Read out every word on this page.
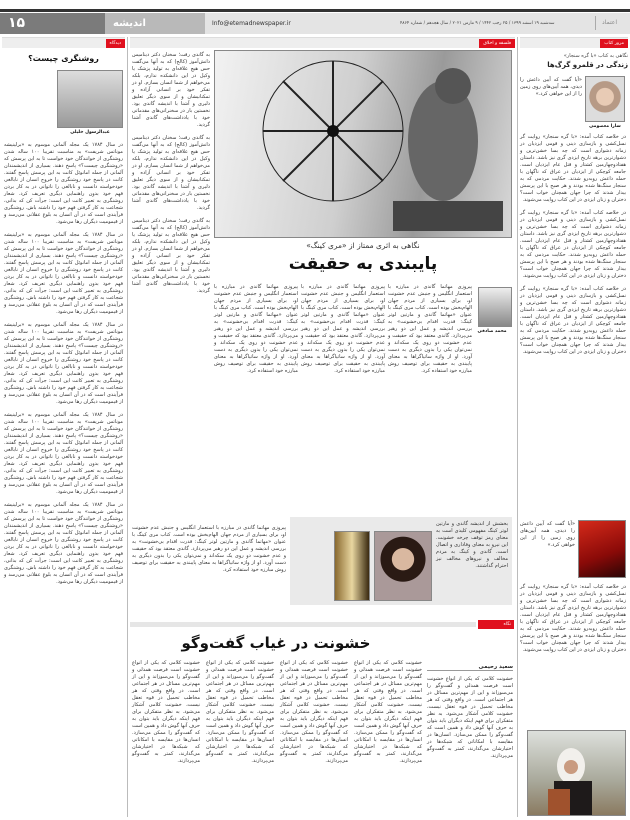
۱۵	اندیشه	Info@etemadnewspaper.ir	سه‌شنبه ۱۹ اسفند ۱۳۹۹ / ۲۵ رجب ۱۴۴۲ / ۹ مارس ۲۰۲۱ / سال هجدهم / شماره ۴۸۶۴	اعتماد
دیدگاه
روشنگری چیست؟
عبدالرسول خلیلی
در سال ۱۷۸۴ یک مجله آلمانی موسوم به «برلینیشه موناتس شریفت» به مناسبت تقریبا ۱۰۰ ساله شدن روشنگری از خوانندگان خود خواست تا به این پرسش که «روشنگری چیست؟» پاسخ دهند. بسیاری از اندیشمندان آلمانی از جمله امانوئل کانت به این پرسش پاسخ گفتند. کانت در پاسخ خود روشنگری را خروج انسان از نابالغی خودخواسته دانست و نابالغی را ناتوانی در به کار بردن فهم خود بدون راهنمایی دیگری تعریف کرد. شعار روشنگری به تعبیر کانت این است: جرأت کن که بدانی، شجاعت به کار گرفتن فهم خود را داشته باش. روشنگری فرآیندی است که در آن انسان به بلوغ عقلانی می‌رسد و از قیمومیت دیگران رها می‌شود.
در سال ۱۷۸۴ یک مجله آلمانی موسوم به «برلینیشه موناتس شریفت» به مناسبت تقریبا ۱۰۰ ساله شدن روشنگری از خوانندگان خود خواست تا به این پرسش که «روشنگری چیست؟» پاسخ دهند. بسیاری از اندیشمندان آلمانی از جمله امانوئل کانت به این پرسش پاسخ گفتند. کانت در پاسخ خود روشنگری را خروج انسان از نابالغی خودخواسته دانست و نابالغی را ناتوانی در به کار بردن فهم خود بدون راهنمایی دیگری تعریف کرد. شعار روشنگری به تعبیر کانت این است: جرأت کن که بدانی، شجاعت به کار گرفتن فهم خود را داشته باش. روشنگری فرآیندی است که در آن انسان به بلوغ عقلانی می‌رسد و از قیمومیت دیگران رها می‌شود.
در سال ۱۷۸۴ یک مجله آلمانی موسوم به «برلینیشه موناتس شریفت» به مناسبت تقریبا ۱۰۰ ساله شدن روشنگری از خوانندگان خود خواست تا به این پرسش که «روشنگری چیست؟» پاسخ دهند. بسیاری از اندیشمندان آلمانی از جمله امانوئل کانت به این پرسش پاسخ گفتند. کانت در پاسخ خود روشنگری را خروج انسان از نابالغی خودخواسته دانست و نابالغی را ناتوانی در به کار بردن فهم خود بدون راهنمایی دیگری تعریف کرد. شعار روشنگری به تعبیر کانت این است: جرأت کن که بدانی، شجاعت به کار گرفتن فهم خود را داشته باش. روشنگری فرآیندی است که در آن انسان به بلوغ عقلانی می‌رسد و از قیمومیت دیگران رها می‌شود.
در سال ۱۷۸۴ یک مجله آلمانی موسوم به «برلینیشه موناتس شریفت» به مناسبت تقریبا ۱۰۰ ساله شدن روشنگری از خوانندگان خود خواست تا به این پرسش که «روشنگری چیست؟» پاسخ دهند. بسیاری از اندیشمندان آلمانی از جمله امانوئل کانت به این پرسش پاسخ گفتند. کانت در پاسخ خود روشنگری را خروج انسان از نابالغی خودخواسته دانست و نابالغی را ناتوانی در به کار بردن فهم خود بدون راهنمایی دیگری تعریف کرد. شعار روشنگری به تعبیر کانت این است: جرأت کن که بدانی، شجاعت به کار گرفتن فهم خود را داشته باش. روشنگری فرآیندی است که در آن انسان به بلوغ عقلانی می‌رسد و از قیمومیت دیگران رها می‌شود.
در سال ۱۷۸۴ یک مجله آلمانی موسوم به «برلینیشه موناتس شریفت» به مناسبت تقریبا ۱۰۰ ساله شدن روشنگری از خوانندگان خود خواست تا به این پرسش که «روشنگری چیست؟» پاسخ دهند. بسیاری از اندیشمندان آلمانی از جمله امانوئل کانت به این پرسش پاسخ گفتند. کانت در پاسخ خود روشنگری را خروج انسان از نابالغی خودخواسته دانست و نابالغی را ناتوانی در به کار بردن فهم خود بدون راهنمایی دیگری تعریف کرد. شعار روشنگری به تعبیر کانت این است: جرأت کن که بدانی، شجاعت به کار گرفتن فهم خود را داشته باش. روشنگری فرآیندی است که در آن انسان به بلوغ عقلانی می‌رسد و از قیمومیت دیگران رها می‌شود.
فلسفه و اخلاق
به گاندی رفت؛ سخنان دکتر دینامیس دانش‌آموز (کالج) که به آنها می‌گفت حس هیچ علاقه‌ای به تولید پزشک یا وکیل در این دانشکده ندارم، بلکه می‌خواهم از شما انسان بسازم. او در تفکر خود بر انسانی آزاده و تمکنانیشان و از سوی دیگر تعلیق دلیری و آشنا با اندیشه گاندی بود. نخستین بار در سخنرانی‌های مقدماتی خود با یادداشت‌های گاندی آشنا گردید.
به گاندی رفت؛ سخنان دکتر دینامیس دانش‌آموز (کالج) که به آنها می‌گفت حس هیچ علاقه‌ای به تولید پزشک یا وکیل در این دانشکده ندارم، بلکه می‌خواهم از شما انسان بسازم. او در تفکر خود بر انسانی آزاده و تمکنانیشان و از سوی دیگر تعلیق دلیری و آشنا با اندیشه گاندی بود. نخستین بار در سخنرانی‌های مقدماتی خود با یادداشت‌های گاندی آشنا گردید.
به گاندی رفت؛ سخنان دکتر دینامیس دانش‌آموز (کالج) که به آنها می‌گفت حس هیچ علاقه‌ای به تولید پزشک یا وکیل در این دانشکده ندارم، بلکه می‌خواهم از شما انسان بسازم. او در تفکر خود بر انسانی آزاده و تمکنانیشان و از سوی دیگر تعلیق دلیری و آشنا با اندیشه گاندی بود. نخستین بار در سخنرانی‌های مقدماتی خود با یادداشت‌های گاندی آشنا گردید.
نگاهی به اثری ممتاز از «مری کینگ»
پایبندی به حقیقت
محمد صادقی
پیروزی مهاتما گاندی در مبارزه با استعمار انگلیس و جنبش عدم خشونت او، برای بسیاری از مردم جهان الهام‌بخش بوده است. کتاب مری کینگ با عنوان «مهاتما گاندی و مارتین لوتر کینگ: قدرت اقدام بی‌خشونت» به بررسی اندیشه و عمل این دو رهبر می‌پردازد. گاندی معتقد بود که حقیقت و عدم خشونت دو روی یک سکه‌اند و نمی‌توان یکی را بدون دیگری به دست آورد. او از واژه ساتیاگراها به معنای پایبندی به حقیقت برای توصیف روش مبارزه خود استفاده کرد.
پیروزی مهاتما گاندی در مبارزه با استعمار انگلیس و جنبش عدم خشونت او، برای بسیاری از مردم جهان الهام‌بخش بوده است. کتاب مری کینگ با عنوان «مهاتما گاندی و مارتین لوتر کینگ: قدرت اقدام بی‌خشونت» به بررسی اندیشه و عمل این دو رهبر می‌پردازد. گاندی معتقد بود که حقیقت و عدم خشونت دو روی یک سکه‌اند و نمی‌توان یکی را بدون دیگری به دست آورد. او از واژه ساتیاگراها به معنای پایبندی به حقیقت برای توصیف روش مبارزه خود استفاده کرد.
پیروزی مهاتما گاندی در مبارزه با استعمار انگلیس و جنبش عدم خشونت او، برای بسیاری از مردم جهان الهام‌بخش بوده است. کتاب مری کینگ با عنوان «مهاتما گاندی و مارتین لوتر کینگ: قدرت اقدام بی‌خشونت» به بررسی اندیشه و عمل این دو رهبر می‌پردازد. گاندی معتقد بود که حقیقت و عدم خشونت دو روی یک سکه‌اند و نمی‌توان یکی را بدون دیگری به دست آورد. او از واژه ساتیاگراها به معنای پایبندی به حقیقت برای توصیف روش مبارزه خود استفاده کرد.
بخشش از اندیشه گاندی و مارتین لوتر کینگ مفهومی کلیدی است به معنای رمز توقف چرخه خشونت. این نیرو به معنای وفاداری و اتصال است. گاندی و کینگ به مردم مخالف و نیروهای مخالف نیز احترام گذاشتند.
پیروزی مهاتما گاندی در مبارزه با استعمار انگلیس و جنبش عدم خشونت او، برای بسیاری از مردم جهان الهام‌بخش بوده است. کتاب مری کینگ با عنوان «مهاتما گاندی و مارتین لوتر کینگ: قدرت اقدام بی‌خشونت» به بررسی اندیشه و عمل این دو رهبر می‌پردازد. گاندی معتقد بود که حقیقت و عدم خشونت دو روی یک سکه‌اند و نمی‌توان یکی را بدون دیگری به دست آورد. او از واژه ساتیاگراها به معنای پایبندی به حقیقت برای توصیف روش مبارزه خود استفاده کرد.
نگاه
خشونت در غیاب گفت‌وگو
سعید رحیمی
خشونت کلامی که یکی از انواع خشونت است فرصت همدلی و گفت‌وگو را می‌سوزاند و این از مهم‌ترین مسائل در هر اجتماعی است. در واقع وقتی که هر مخاطب تحمیل در قوه تعقل نیست، خشونت کلامی آشکار می‌شود. به نظر متفکران برای فهم اینکه دیگران باید بتوان به حرف آنها گوش داد و همین است که گفت‌وگو را ممکن می‌سازد. انسان‌ها در مقایسه با امکاناتی که شبکه‌ها در اختیارشان می‌گذارند، کمتر به گفت‌وگو می‌پردازند.
خشونت کلامی که یکی از انواع خشونت است فرصت همدلی و گفت‌وگو را می‌سوزاند و این از مهم‌ترین مسائل در هر اجتماعی است. در واقع وقتی که هر مخاطب تحمیل در قوه تعقل نیست، خشونت کلامی آشکار می‌شود. به نظر متفکران برای فهم اینکه دیگران باید بتوان به حرف آنها گوش داد و همین است که گفت‌وگو را ممکن می‌سازد. انسان‌ها در مقایسه با امکاناتی که شبکه‌ها در اختیارشان می‌گذارند، کمتر به گفت‌وگو می‌پردازند.
خشونت کلامی که یکی از انواع خشونت است فرصت همدلی و گفت‌وگو را می‌سوزاند و این از مهم‌ترین مسائل در هر اجتماعی است. در واقع وقتی که هر مخاطب تحمیل در قوه تعقل نیست، خشونت کلامی آشکار می‌شود. به نظر متفکران برای فهم اینکه دیگران باید بتوان به حرف آنها گوش داد و همین است که گفت‌وگو را ممکن می‌سازد. انسان‌ها در مقایسه با امکاناتی که شبکه‌ها در اختیارشان می‌گذارند، کمتر به گفت‌وگو می‌پردازند.
خشونت کلامی که یکی از انواع خشونت است فرصت همدلی و گفت‌وگو را می‌سوزاند و این از مهم‌ترین مسائل در هر اجتماعی است. در واقع وقتی که هر مخاطب تحمیل در قوه تعقل نیست، خشونت کلامی آشکار می‌شود. به نظر متفکران برای فهم اینکه دیگران باید بتوان به حرف آنها گوش داد و همین است که گفت‌وگو را ممکن می‌سازد. انسان‌ها در مقایسه با امکاناتی که شبکه‌ها در اختیارشان می‌گذارند، کمتر به گفت‌وگو می‌پردازند.
خشونت کلامی که یکی از انواع خشونت است فرصت همدلی و گفت‌وگو را می‌سوزاند و این از مهم‌ترین مسائل در هر اجتماعی است. در واقع وقتی که هر مخاطب تحمیل در قوه تعقل نیست، خشونت کلامی آشکار می‌شود. به نظر متفکران برای فهم اینکه دیگران باید بتوان به حرف آنها گوش داد و همین است که گفت‌وگو را ممکن می‌سازد. انسان‌ها در مقایسه با امکاناتی که شبکه‌ها در اختیارشان می‌گذارند، کمتر به گفت‌وگو می‌پردازند.
مرور کتاب
نگاهی به کتاب «با گره سنجار»
زندگی در قلمرو گرگ‌ها
سارا معصومی
«آیا گفت که آیین داعش را دیدی، همه آیین‌های روی زمین را از این خواهی کرد.»
در خلاصه کتاب آمده: «با گره سنجار» روایت گر نسل‌کشی و بازسازی دینی و قومی ایزدیان در زمانه دشواری است که چه بسا خشن‌ترین و دشوارترین برهه تاریخ ایزدی گری نیز باشد. داستان هفتادوچهارمین کشتار و قتل عام ایزدیان است. جامعه کوچکی از ایزدیان در عراق که ناگهان با حمله داعش روبه‌رو شدند. حکایت مردمی که به سنجار سنگ‌ها شده بودند و هر صبح با این پرسش بیدار شدند که چرا جهان همچنان خواب است؟ دختران و زنان ایزدی در این کتاب روایت می‌شوند.
در خلاصه کتاب آمده: «با گره سنجار» روایت گر نسل‌کشی و بازسازی دینی و قومی ایزدیان در زمانه دشواری است که چه بسا خشن‌ترین و دشوارترین برهه تاریخ ایزدی گری نیز باشد. داستان هفتادوچهارمین کشتار و قتل عام ایزدیان است. جامعه کوچکی از ایزدیان در عراق که ناگهان با حمله داعش روبه‌رو شدند. حکایت مردمی که به سنجار سنگ‌ها شده بودند و هر صبح با این پرسش بیدار شدند که چرا جهان همچنان خواب است؟ دختران و زنان ایزدی در این کتاب روایت می‌شوند.
در خلاصه کتاب آمده: «با گره سنجار» روایت گر نسل‌کشی و بازسازی دینی و قومی ایزدیان در زمانه دشواری است که چه بسا خشن‌ترین و دشوارترین برهه تاریخ ایزدی گری نیز باشد. داستان هفتادوچهارمین کشتار و قتل عام ایزدیان است. جامعه کوچکی از ایزدیان در عراق که ناگهان با حمله داعش روبه‌رو شدند. حکایت مردمی که به سنجار سنگ‌ها شده بودند و هر صبح با این پرسش بیدار شدند که چرا جهان همچنان خواب است؟ دختران و زنان ایزدی در این کتاب روایت می‌شوند.
«آیا گفت که آیین داعش را دیدی، همه آیین‌های روی زمین را از این خواهی کرد.»
در خلاصه کتاب آمده: «با گره سنجار» روایت گر نسل‌کشی و بازسازی دینی و قومی ایزدیان در زمانه دشواری است که چه بسا خشن‌ترین و دشوارترین برهه تاریخ ایزدی گری نیز باشد. داستان هفتادوچهارمین کشتار و قتل عام ایزدیان است. جامعه کوچکی از ایزدیان در عراق که ناگهان با حمله داعش روبه‌رو شدند. حکایت مردمی که به سنجار سنگ‌ها شده بودند و هر صبح با این پرسش بیدار شدند که چرا جهان همچنان خواب است؟ دختران و زنان ایزدی در این کتاب روایت می‌شوند.
